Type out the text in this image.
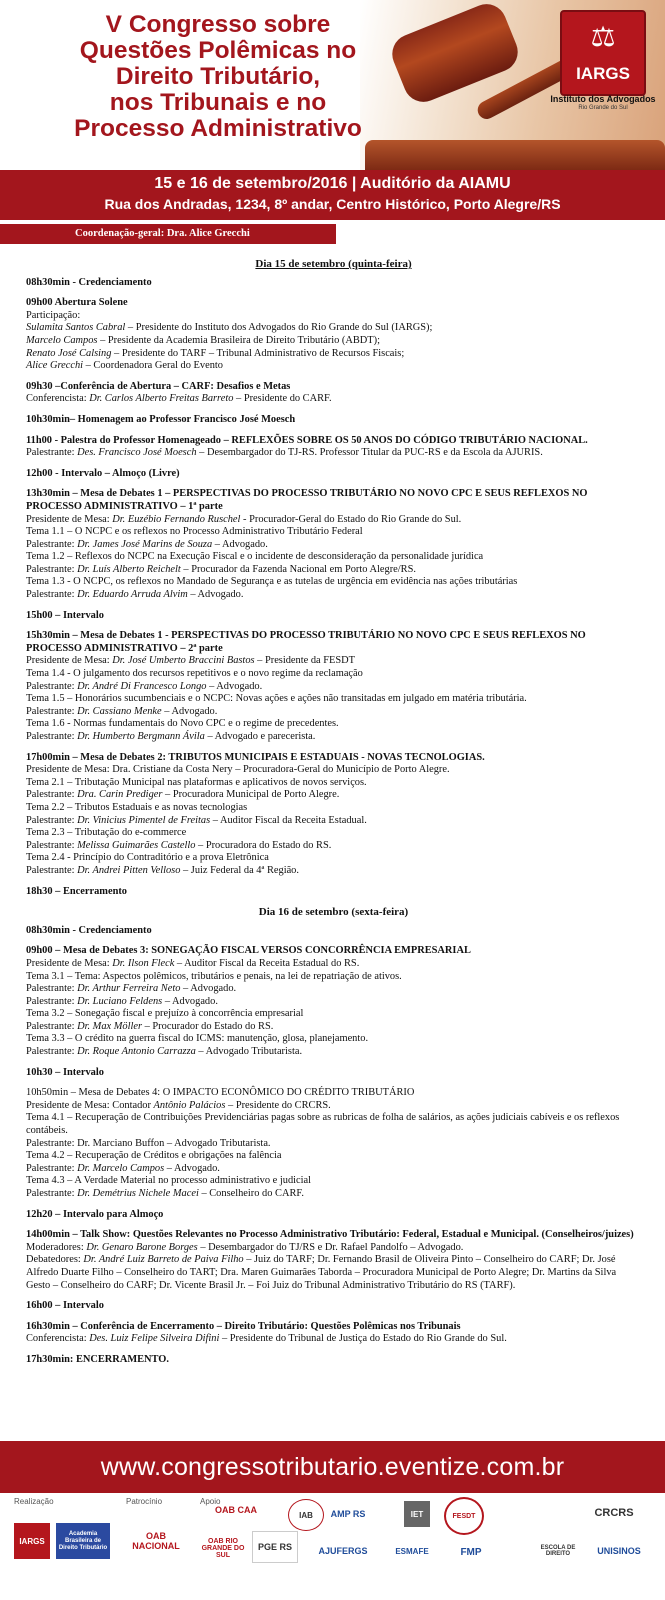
V Congresso sobre
Questões Polêmicas no
Direito Tributário,
nos Tribunais e no
Processo Administrativo
⚖
IARGS
Instituto dos Advogados
Rio Grande do Sul
15 e 16 de setembro/2016 | Auditório da AIAMU
Rua dos Andradas, 1234, 8º andar, Centro Histórico, Porto Alegre/RS
Coordenação-geral: Dra. Alice Grecchi
Dia 15 de setembro (quinta-feira)
08h30min - Credenciamento
09h00 Abertura Solene
Participação:
Sulamita Santos Cabral – Presidente do Instituto dos Advogados do Rio Grande do Sul (IARGS);
Marcelo Campos – Presidente da Academia Brasileira de Direito Tributário (ABDT);
Renato José Calsing – Presidente do TARF – Tribunal Administrativo de Recursos Fiscais;
Alice Grecchi – Coordenadora Geral do Evento
09h30 –Conferência de Abertura – CARF: Desafios e Metas
Conferencista: Dr. Carlos Alberto Freitas Barreto – Presidente do CARF.
10h30min– Homenagem ao Professor Francisco José Moesch
11h00 - Palestra do Professor Homenageado – REFLEXÕES SOBRE OS 50 ANOS DO CÓDIGO TRIBUTÁRIO NACIONAL.
Palestrante: Des. Francisco José Moesch – Desembargador do TJ-RS. Professor Titular da PUC-RS e da Escola da AJURIS.
12h00 - Intervalo – Almoço (Livre)
13h30min – Mesa de Debates 1 – PERSPECTIVAS DO PROCESSO TRIBUTÁRIO NO NOVO CPC E SEUS REFLEXOS NO PROCESSO ADMINISTRATIVO – 1ª parte
Presidente de Mesa: Dr. Euzébio Fernando Ruschel - Procurador-Geral do Estado do Rio Grande do Sul.
Tema 1.1 – O NCPC e os reflexos no Processo Administrativo Tributário Federal
Palestrante: Dr. James José Marins de Souza – Advogado.
Tema 1.2 – Reflexos do NCPC na Execução Fiscal e o incidente de desconsideração da personalidade jurídica
Palestrante: Dr. Luís Alberto Reichelt – Procurador da Fazenda Nacional em Porto Alegre/RS.
Tema 1.3 - O NCPC, os reflexos no Mandado de Segurança e as tutelas de urgência em evidência nas ações tributárias
Palestrante: Dr. Eduardo Arruda Alvim – Advogado.
15h00 – Intervalo
15h30min – Mesa de Debates 1 - PERSPECTIVAS DO PROCESSO TRIBUTÁRIO NO NOVO CPC E SEUS REFLEXOS NO PROCESSO ADMINISTRATIVO – 2ª parte
Presidente de Mesa: Dr. José Umberto Braccini Bastos – Presidente da FESDT
Tema 1.4 - O julgamento dos recursos repetitivos e o novo regime da reclamação
Palestrante: Dr. André Di Francesco Longo – Advogado.
Tema 1.5 – Honorários sucumbenciais e o NCPC: Novas ações e ações não transitadas em julgado em matéria tributária.
Palestrante: Dr. Cassiano Menke – Advogado.
Tema 1.6 - Normas fundamentais do Novo CPC e o regime de precedentes.
Palestrante: Dr. Humberto Bergmann Ávila – Advogado e parecerista.
17h00min – Mesa de Debates 2: TRIBUTOS MUNICIPAIS E ESTADUAIS - NOVAS TECNOLOGIAS.
Presidente de Mesa: Dra. Cristiane da Costa Nery – Procuradora-Geral do Município de Porto Alegre.
Tema 2.1 – Tributação Municipal nas plataformas e aplicativos de novos serviços.
Palestrante: Dra. Carin Prediger – Procuradora Municipal de Porto Alegre.
Tema 2.2 – Tributos Estaduais e as novas tecnologias
Palestrante: Dr. Vinicius Pimentel de Freitas – Auditor Fiscal da Receita Estadual.
Tema 2.3 – Tributação do e-commerce
Palestrante: Melissa Guimarães Castello – Procuradora do Estado do RS.
Tema 2.4 - Princípio do Contraditório e a prova Eletrônica
Palestrante: Dr. Andrei Pitten Velloso – Juiz Federal da 4ª Região.
18h30 – Encerramento
Dia 16 de setembro (sexta-feira)
08h30min - Credenciamento
09h00 – Mesa de Debates 3: SONEGAÇÃO FISCAL VERSOS CONCORRÊNCIA EMPRESARIAL
Presidente de Mesa: Dr. Ilson Fleck – Auditor Fiscal da Receita Estadual do RS.
Tema 3.1 – Tema: Aspectos polêmicos, tributários e penais, na lei de repatriação de ativos.
Palestrante: Dr. Arthur Ferreira Neto – Advogado.
Palestrante: Dr. Luciano Feldens – Advogado.
Tema 3.2 – Sonegação fiscal e prejuízo à concorrência empresarial
Palestrante: Dr. Max Möller – Procurador do Estado do RS.
Tema 3.3 – O crédito na guerra fiscal do ICMS: manutenção, glosa, planejamento.
Palestrante: Dr. Roque Antonio Carrazza – Advogado Tributarista.
10h30 – Intervalo
10h50min – Mesa de Debates 4: O IMPACTO ECONÔMICO DO CRÉDITO TRIBUTÁRIO
Presidente de Mesa: Contador Antônio Palácios – Presidente do CRCRS.
Tema 4.1 – Recuperação de Contribuições Previdenciárias pagas sobre as rubricas de folha de salários, as ações judiciais cabíveis e os reflexos contábeis.
Palestrante: Dr. Marciano Buffon – Advogado Tributarista.
Tema 4.2 – Recuperação de Créditos e obrigações na falência
Palestrante: Dr. Marcelo Campos – Advogado.
Tema 4.3 – A Verdade Material no processo administrativo e judicial
Palestrante: Dr. Demétrius Nichele Macei – Conselheiro do CARF.
12h20 – Intervalo para Almoço
14h00min – Talk Show: Questões Relevantes no Processo Administrativo Tributário: Federal, Estadual e Municipal. (Conselheiros/juizes)
Moderadores: Dr. Genaro Barone Borges – Desembargador do TJ/RS e Dr. Rafael Pandolfo – Advogado.
Debatedores: Dr. André Luiz Barreto de Paiva Filho – Juiz do TARF; Dr. Fernando Brasil de Oliveira Pinto – Conselheiro do CARF; Dr. José Alfredo Duarte Filho – Conselheiro do TART; Dra. Maren Guimarães Taborda – Procuradora Municipal de Porto Alegre; Dr. Martins da Silva Gesto – Conselheiro do CARF; Dr. Vicente Brasil Jr. – Foi Juiz do Tribunal Administrativo Tributário do RS (TARF).
16h00 – Intervalo
16h30min – Conferência de Encerramento – Direito Tributário: Questões Polêmicas nos Tribunais
Conferencista: Des. Luiz Felipe Silveira Difini – Presidente do Tribunal de Justiça do Estado do Rio Grande do Sul.
17h30min: ENCERRAMENTO.
www.congressotributario.eventize.com.br
Realização	Patrocínio	Apoio
IARGS
Academia Brasileira de Direito Tributário
OAB NACIONAL
OAB CAA
OAB RIO GRANDE DO SUL
PGE RS
IAB	AMP RS
AJUFERGS
IET
ESMAFE
FESDT
FMP	ESCOLA DE DIREITO
CRCRS
UNISINOS
